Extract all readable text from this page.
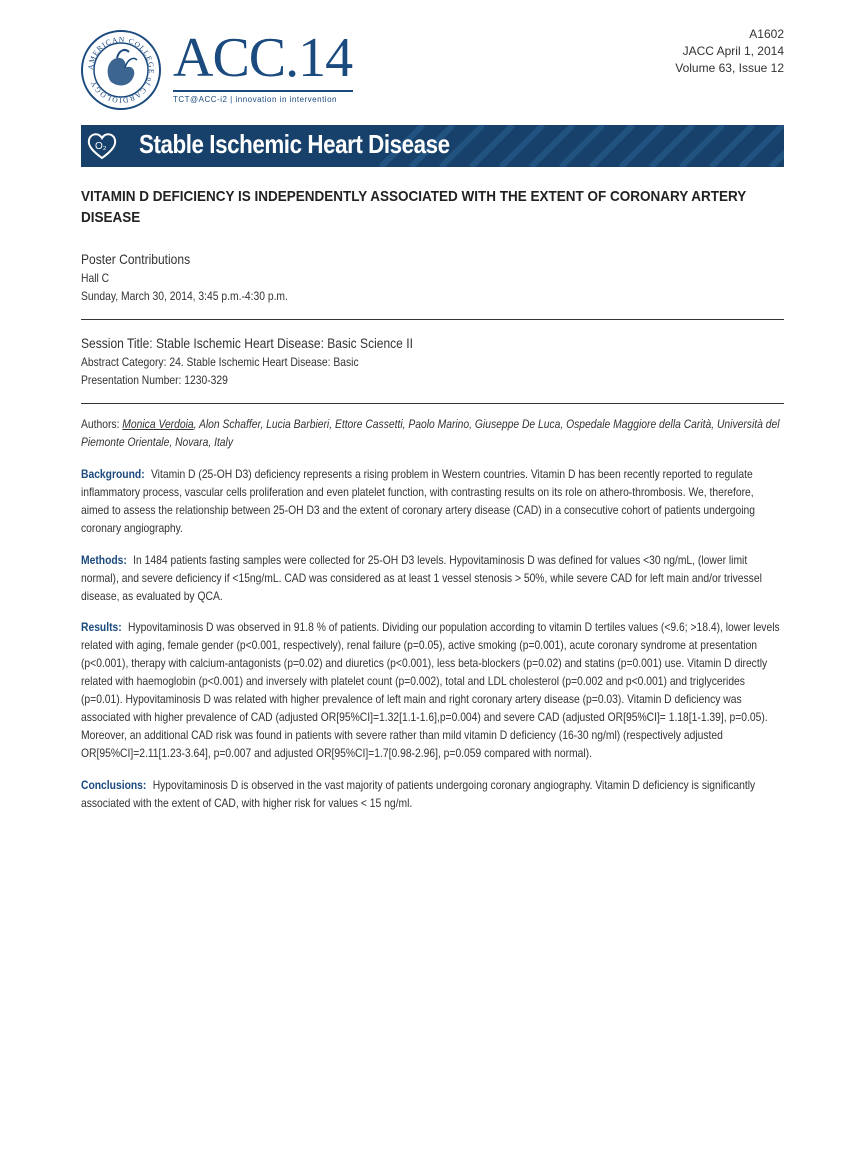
AMERICAN COLLEGE of CARDIOLOGY	ACC.14
TCT@ACC-i2 | innovation in intervention
A1602
JACC April 1, 2014
Volume 63, Issue 12
O₂ Stable Ischemic Heart Disease
VITAMIN D DEFICIENCY IS INDEPENDENTLY ASSOCIATED WITH THE EXTENT OF CORONARY ARTERY DISEASE
Poster Contributions
Hall C
Sunday, March 30, 2014, 3:45 p.m.-4:30 p.m.
Session Title: Stable Ischemic Heart Disease: Basic Science II
Abstract Category: 24. Stable Ischemic Heart Disease: Basic
Presentation Number: 1230-329
Authors: Monica Verdoia, Alon Schaffer, Lucia Barbieri, Ettore Cassetti, Paolo Marino, Giuseppe De Luca, Ospedale Maggiore della Carità, Università del Piemonte Orientale, Novara, Italy
Background: Vitamin D (25-OH D3) deficiency represents a rising problem in Western countries. Vitamin D has been recently reported to regulate inflammatory process, vascular cells proliferation and even platelet function, with contrasting results on its role on athero-thrombosis. We, therefore, aimed to assess the relationship between 25-OH D3 and the extent of coronary artery disease (CAD) in a consecutive cohort of patients undergoing coronary angiography.
Methods: In 1484 patients fasting samples were collected for 25-OH D3 levels. Hypovitaminosis D was defined for values <30 ng/mL, (lower limit normal), and severe deficiency if <15ng/mL. CAD was considered as at least 1 vessel stenosis > 50%, while severe CAD for left main and/or trivessel disease, as evaluated by QCA.
Results: Hypovitaminosis D was observed in 91.8 % of patients. Dividing our population according to vitamin D tertiles values (<9.6; >18.4), lower levels related with aging, female gender (p<0.001, respectively), renal failure (p=0.05), active smoking (p=0.001), acute coronary syndrome at presentation (p<0.001), therapy with calcium-antagonists (p=0.02) and diuretics (p<0.001), less beta-blockers (p=0.02) and statins (p=0.001) use. Vitamin D directly related with haemoglobin (p<0.001) and inversely with platelet count (p=0.002), total and LDL cholesterol (p=0.002 and p<0.001) and triglycerides (p=0.01). Hypovitaminosis D was related with higher prevalence of left main and right coronary artery disease (p=0.03). Vitamin D deficiency was associated with higher prevalence of CAD (adjusted OR[95%CI]=1.32[1.1-1.6],p=0.004) and severe CAD (adjusted OR[95%CI]= 1.18[1-1.39], p=0.05). Moreover, an additional CAD risk was found in patients with severe rather than mild vitamin D deficiency (16-30 ng/ml) (respectively adjusted OR[95%CI]=2.11[1.23-3.64], p=0.007 and adjusted OR[95%CI]=1.7[0.98-2.96], p=0.059 compared with normal).
Conclusions: Hypovitaminosis D is observed in the vast majority of patients undergoing coronary angiography. Vitamin D deficiency is significantly associated with the extent of CAD, with higher risk for values < 15 ng/ml.
